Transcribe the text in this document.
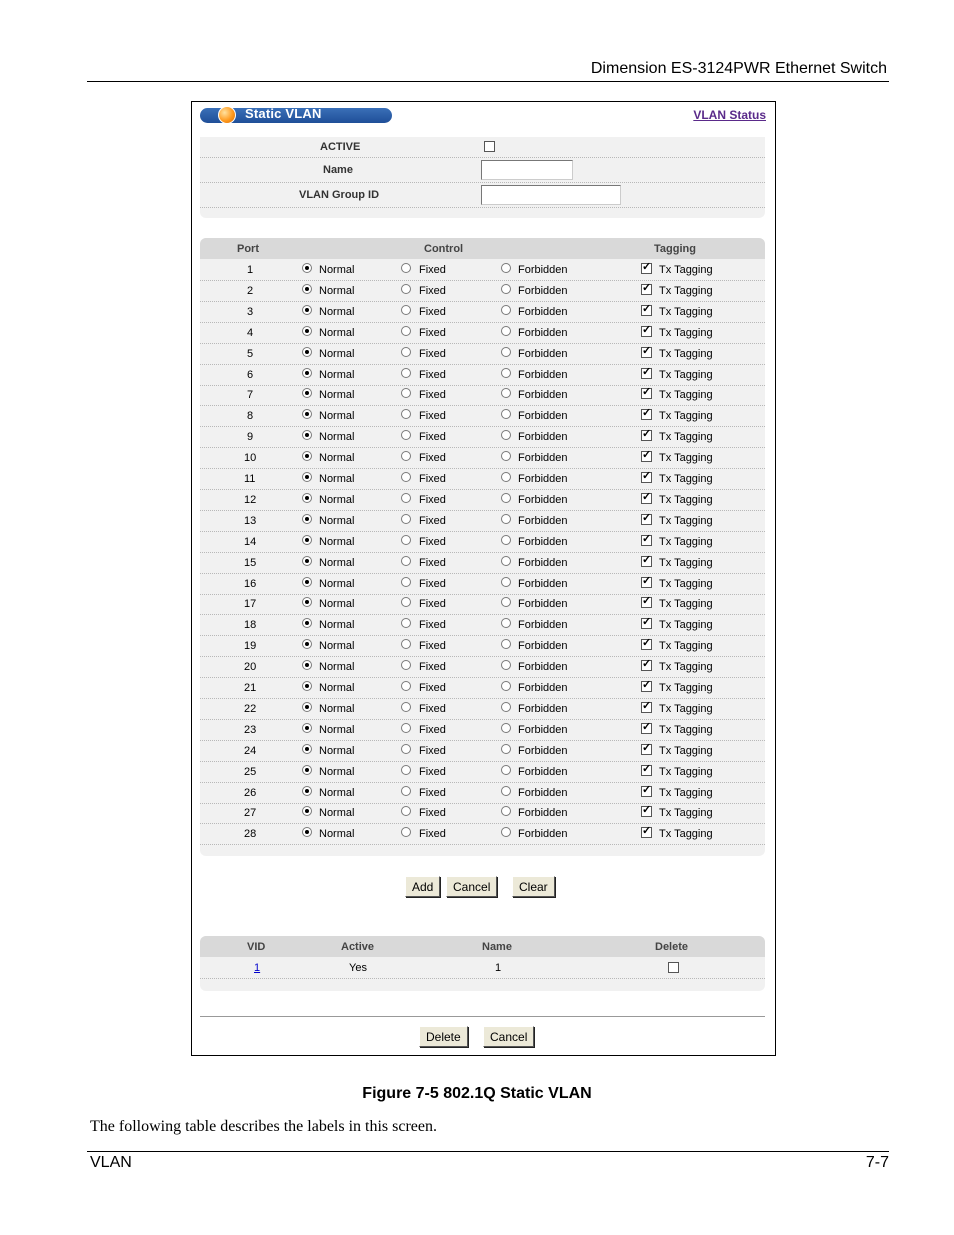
Dimension ES-3124PWR Ethernet Switch
Static VLAN	VLAN Status
ACTIVE
Name
VLAN Group ID
Port	Control	Tagging
1	Normal	Fixed	Forbidden ✓	Tx Tagging
2	Normal	Fixed	Forbidden ✓	Tx Tagging
3	Normal	Fixed	Forbidden ✓	Tx Tagging
4	Normal	Fixed	Forbidden ✓	Tx Tagging
5	Normal	Fixed	Forbidden ✓	Tx Tagging
6	Normal	Fixed	Forbidden ✓	Tx Tagging
7	Normal	Fixed	Forbidden ✓	Tx Tagging
8	Normal	Fixed	Forbidden ✓	Tx Tagging
9	Normal	Fixed	Forbidden ✓	Tx Tagging
10	Normal	Fixed	Forbidden ✓	Tx Tagging
11	Normal	Fixed	Forbidden ✓	Tx Tagging
12	Normal	Fixed	Forbidden ✓	Tx Tagging
13	Normal	Fixed	Forbidden ✓	Tx Tagging
14	Normal	Fixed	Forbidden ✓	Tx Tagging
15	Normal	Fixed	Forbidden ✓	Tx Tagging
16	Normal	Fixed	Forbidden ✓	Tx Tagging
17	Normal	Fixed	Forbidden ✓	Tx Tagging
18	Normal	Fixed	Forbidden ✓	Tx Tagging
19	Normal	Fixed	Forbidden ✓	Tx Tagging
20	Normal	Fixed	Forbidden ✓	Tx Tagging
21	Normal	Fixed	Forbidden ✓	Tx Tagging
22	Normal	Fixed	Forbidden ✓	Tx Tagging
23	Normal	Fixed	Forbidden ✓	Tx Tagging
24	Normal	Fixed	Forbidden ✓	Tx Tagging
25	Normal	Fixed	Forbidden ✓	Tx Tagging
26	Normal	Fixed	Forbidden ✓	Tx Tagging
27	Normal	Fixed	Forbidden ✓	Tx Tagging
28	Normal	Fixed	Forbidden ✓	Tx Tagging
Add	Cancel	Clear
VID	Active	Name	Delete
1	Yes	1
Delete	Cancel
Figure 7-5 802.1Q Static VLAN
The following table describes the labels in this screen.
VLAN	7-7
